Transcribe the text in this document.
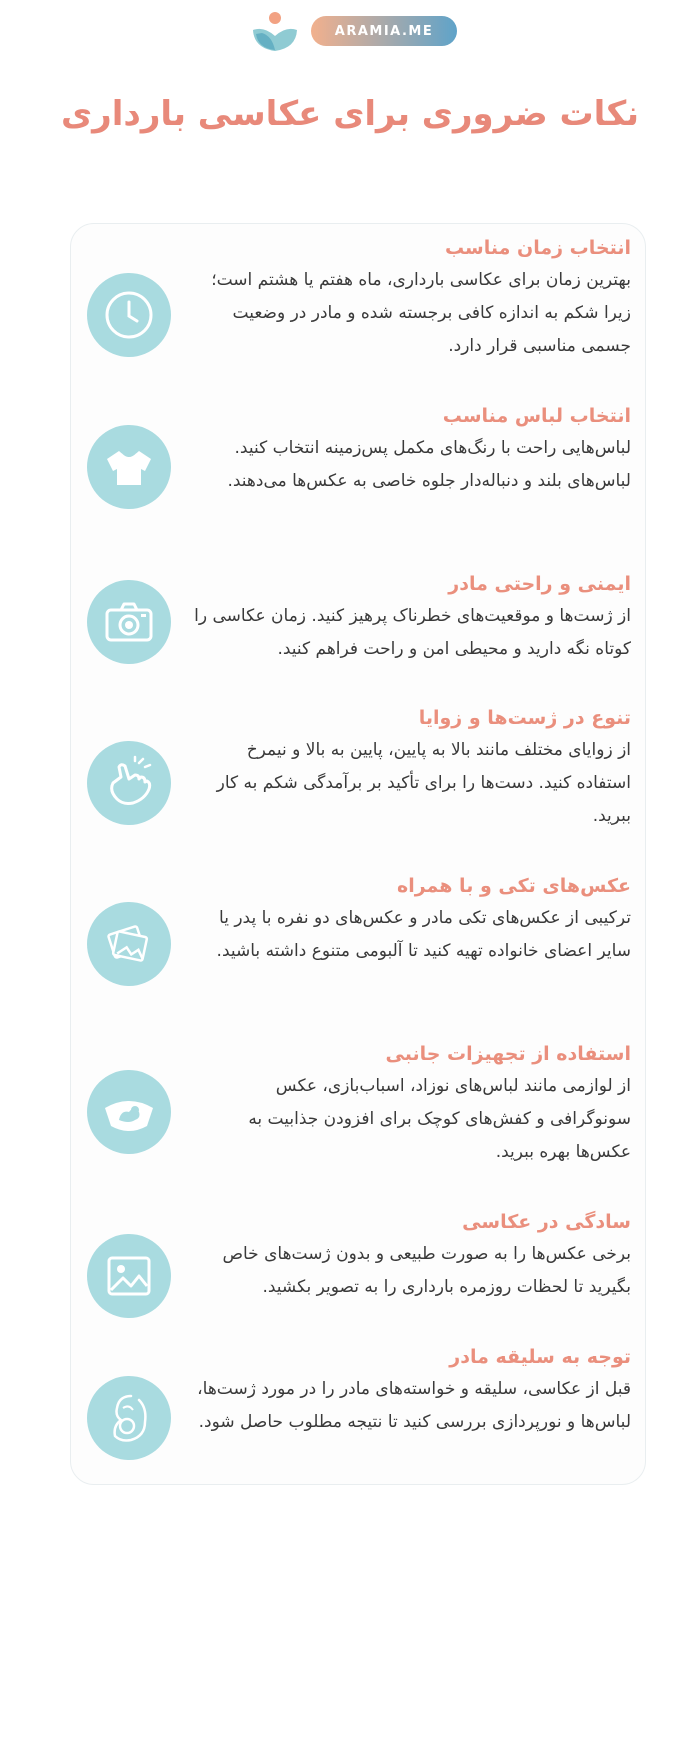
ARAMIA.ME
نکات ضروری برای عکاسی بارداری
انتخاب زمان مناسب
بهترین زمان برای عکاسی بارداری، ماه هفتم یا هشتم است؛ زیرا شکم به اندازه کافی برجسته شده و مادر در وضعیت جسمی مناسبی قرار دارد.
انتخاب لباس مناسب
لباس‌هایی راحت با رنگ‌های مکمل پس‌زمینه انتخاب کنید. لباس‌های بلند و دنباله‌دار جلوه خاصی به عکس‌ها می‌دهند.
ایمنی و راحتی مادر
از ژست‌ها و موقعیت‌های خطرناک پرهیز کنید. زمان عکاسی را کوتاه نگه دارید و محیطی امن و راحت فراهم کنید.
تنوع در ژست‌ها و زوایا
از زوایای مختلف مانند بالا به پایین، پایین به بالا و نیمرخ استفاده کنید. دست‌ها را برای تأکید بر برآمدگی شکم به کار ببرید.
عکس‌های تکی و با همراه
ترکیبی از عکس‌های تکی مادر و عکس‌های دو نفره با پدر یا سایر اعضای خانواده تهیه کنید تا آلبومی متنوع داشته باشید.
استفاده از تجهیزات جانبی
از لوازمی مانند لباس‌های نوزاد، اسباب‌بازی، عکس سونوگرافی و کفش‌های کوچک برای افزودن جذابیت به عکس‌ها بهره ببرید.
سادگی در عکاسی
برخی عکس‌ها را به صورت طبیعی و بدون ژست‌های خاص بگیرید تا لحظات روزمره بارداری را به تصویر بکشید.
توجه به سلیقه مادر
قبل از عکاسی، سلیقه و خواسته‌های مادر را در مورد ژست‌ها، لباس‌ها و نورپردازی بررسی کنید تا نتیجه مطلوب حاصل شود.
